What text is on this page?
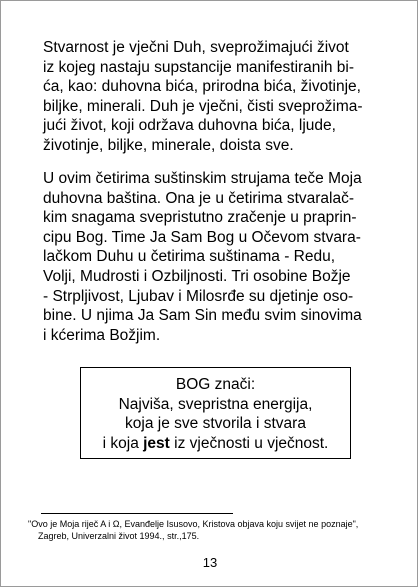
Stvarnost je vječni Duh, sveprožimajući život
iz kojeg nastaju supstancije manifestiranih bi-
ća, kao: duhovna bića, prirodna bića, životinje,
biljke, minerali. Duh je vječni, čisti sveprožima-
jući život, koji održava duhovna bića, ljude,
životinje, biljke, minerale, doista sve.

U ovim četirima suštinskim strujama teče Moja
duhovna baština. Ona je u četirima stvaralač-
kim snagama svepristutno zračenje u praprin-
cipu Bog. Time Ja Sam Bog u Očevom stvara-
lačkom Duhu u četirima suštinama - Redu,
Volji, Mudrosti i Ozbiljnosti. Tri osobine Božje
- Strpljivost, Ljubav i Milosrđe su djetinje oso-
bine. U njima Ja Sam Sin među svim sinovima
i kćerima Božjim.

BOG znači:
Najviša, svepristna energija,
koja je sve stvorila i stvara
i koja jest iz vječnosti u vječnost.
"Ovo je Moja riječ A i Ω, Evanđelje Isusovo, Kristova objava koju svijet ne poznaje",
Zagreb, Univerzalni život 1994., str.,175.
13
